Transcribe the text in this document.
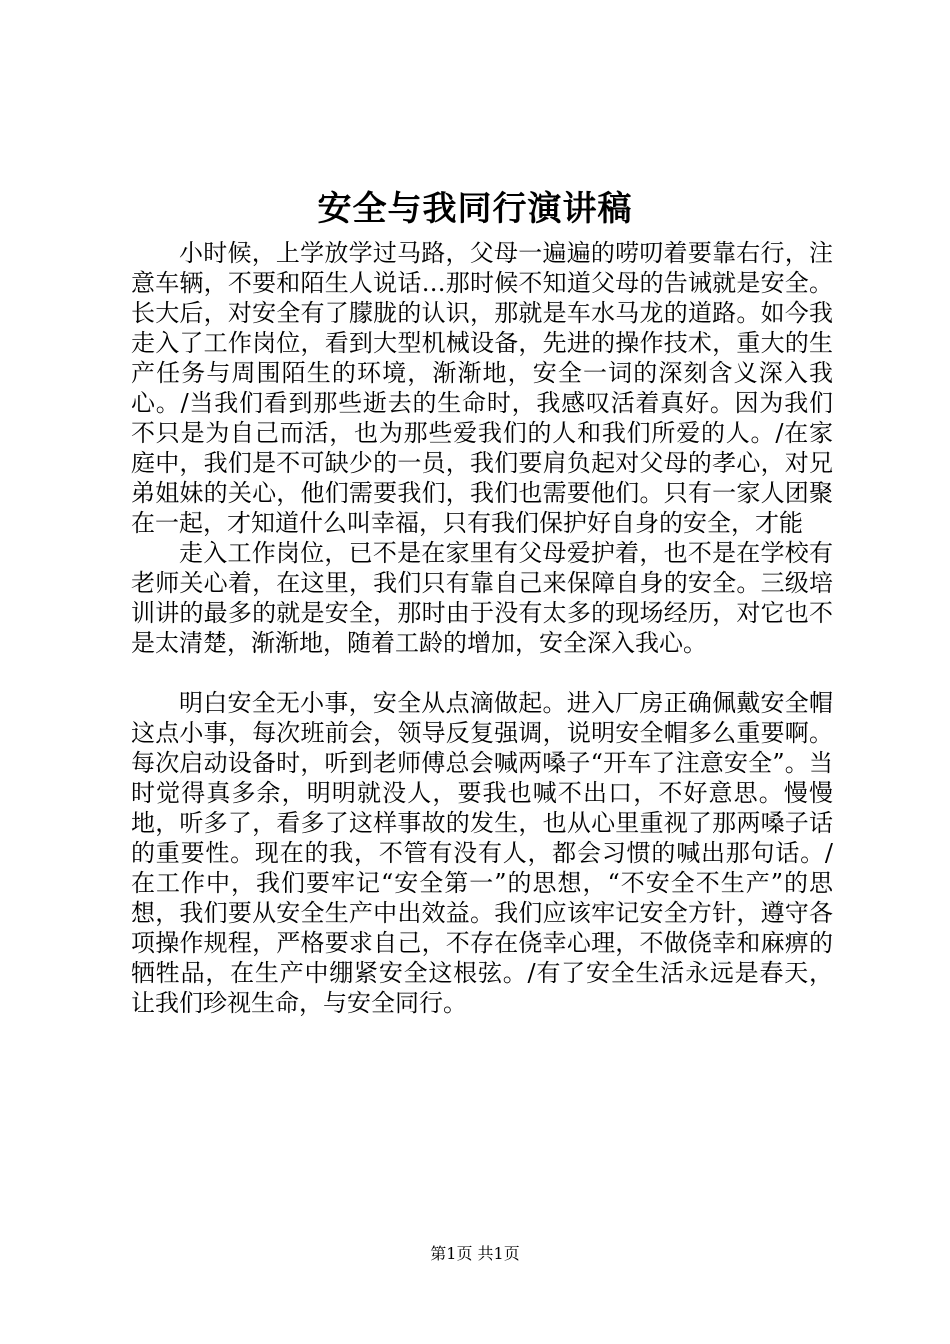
安全与我同行演讲稿

小时候，上学放学过马路，父母一遍遍的唠叨着要靠右行，注意车辆，不要和陌生人说话…那时候不知道父母的告诫就是安全。长大后，对安全有了朦胧的认识，那就是车水马龙的道路。如今我走入了工作岗位，看到大型机械设备，先进的操作技术，重大的生产任务与周围陌生的环境，渐渐地，安全一词的深刻含义深入我心。/当我们看到那些逝去的生命时，我感叹活着真好。因为我们不只是为自己而活，也为那些爱我们的人和我们所爱的人。/在家庭中，我们是不可缺少的一员，我们要肩负起对父母的孝心，对兄弟姐妹的关心，他们需要我们，我们也需要他们。只有一家人团聚在一起，才知道什么叫幸福，只有我们保护好自身的安全，才能

走入工作岗位，已不是在家里有父母爱护着，也不是在学校有老师关心着，在这里，我们只有靠自己来保障自身的安全。三级培训讲的最多的就是安全，那时由于没有太多的现场经历，对它也不是太清楚，渐渐地，随着工龄的增加，安全深入我心。

明白安全无小事，安全从点滴做起。进入厂房正确佩戴安全帽这点小事，每次班前会，领导反复强调，说明安全帽多么重要啊。每次启动设备时，听到老师傅总会喊两嗓子“开车了注意安全”。当时觉得真多余，明明就没人，要我也喊不出口，不好意思。慢慢地，听多了，看多了这样事故的发生，也从心里重视了那两嗓子话的重要性。现在的我，不管有没有人，都会习惯的喊出那句话。/在工作中，我们要牢记“安全第一”的思想，“不安全不生产”的思想，我们要从安全生产中出效益。我们应该牢记安全方针，遵守各项操作规程，严格要求自己，不存在侥幸心理，不做侥幸和麻痹的牺牲品，在生产中绷紧安全这根弦。/有了安全生活永远是春天，让我们珍视生命，与安全同行。

第1页 共1页
